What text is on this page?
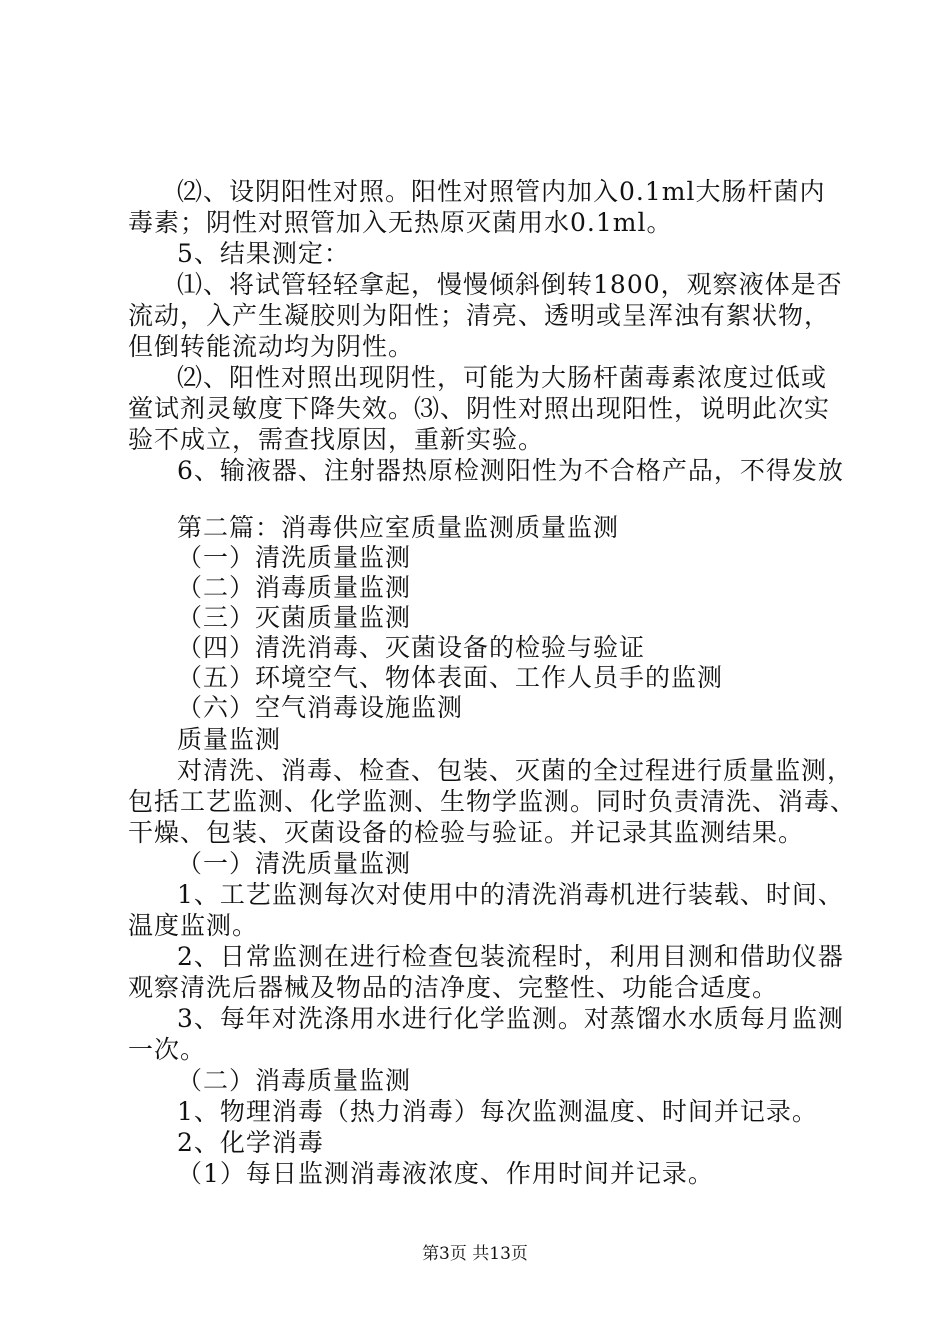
⑵、设阴阳性对照。阳性对照管内加入0.1ml大肠杆菌内
毒素；阴性对照管加入无热原灭菌用水0.1ml。
5、结果测定：
⑴、将试管轻轻拿起，慢慢倾斜倒转1800，观察液体是否
流动，入产生凝胶则为阳性；清亮、透明或呈浑浊有絮状物，
但倒转能流动均为阴性。
⑵、阳性对照出现阴性，可能为大肠杆菌毒素浓度过低或
鲎试剂灵敏度下降失效。⑶、阴性对照出现阳性，说明此次实
验不成立，需查找原因，重新实验。
6、输液器、注射器热原检测阳性为不合格产品，不得发放
第二篇：消毒供应室质量监测质量监测
（一）清洗质量监测
（二）消毒质量监测
（三）灭菌质量监测
（四）清洗消毒、灭菌设备的检验与验证
（五）环境空气、物体表面、工作人员手的监测
（六）空气消毒设施监测
质量监测
对清洗、消毒、检查、包装、灭菌的全过程进行质量监测，
包括工艺监测、化学监测、生物学监测。同时负责清洗、消毒、
干燥、包装、灭菌设备的检验与验证。并记录其监测结果。
（一）清洗质量监测
1、工艺监测每次对使用中的清洗消毒机进行装载、时间、
温度监测。
2、日常监测在进行检查包装流程时，利用目测和借助仪器
观察清洗后器械及物品的洁净度、完整性、功能合适度。
3、每年对洗涤用水进行化学监测。对蒸馏水水质每月监测
一次。
（二）消毒质量监测
1、物理消毒（热力消毒）每次监测温度、时间并记录。
2、化学消毒
（1）每日监测消毒液浓度、作用时间并记录。
第3页 共13页
